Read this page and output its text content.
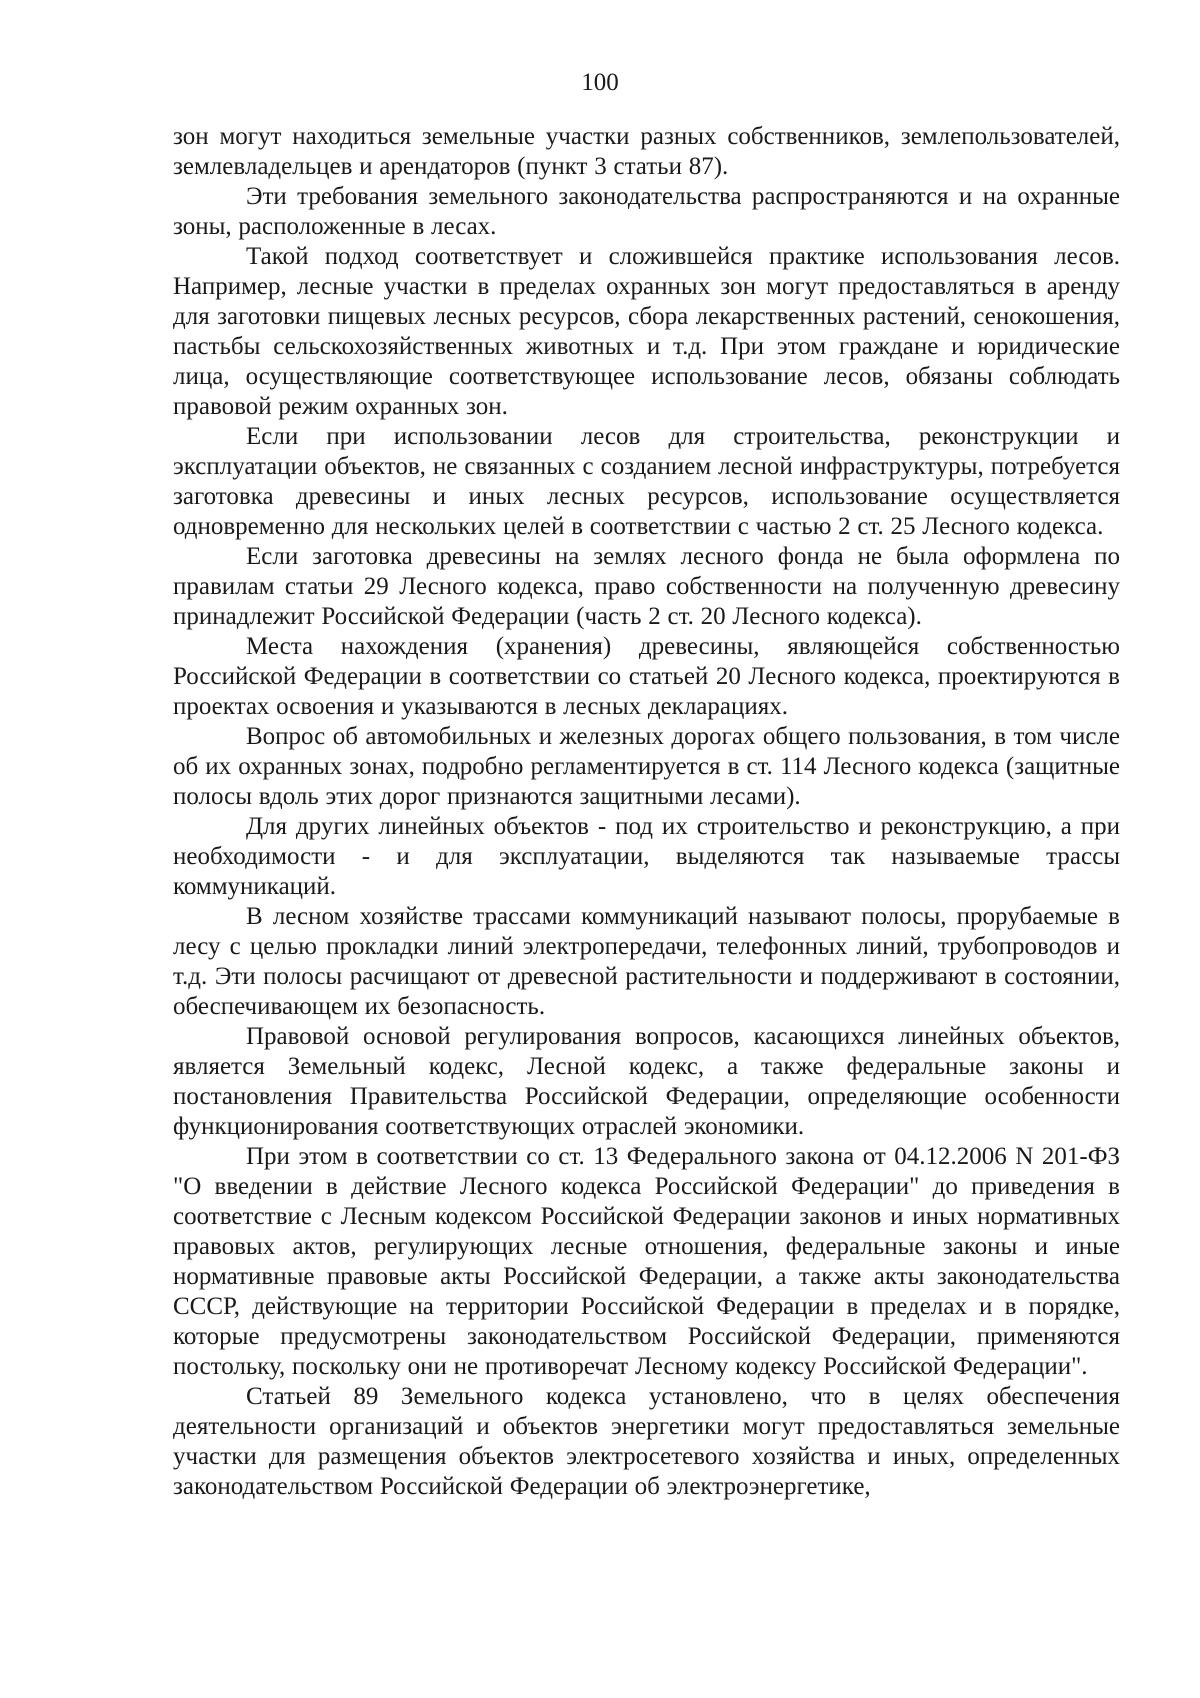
100

зон могут находиться земельные участки разных собственников, землепользователей, землевладельцев и арендаторов (пункт 3 статьи 87).

Эти требования земельного законодательства распространяются и на охранные зоны, расположенные в лесах.

Такой подход соответствует и сложившейся практике использования лесов. Например, лесные участки в пределах охранных зон могут предоставляться в аренду для заготовки пищевых лесных ресурсов, сбора лекарственных растений, сенокошения, пастьбы сельскохозяйственных животных и т.д. При этом граждане и юридические лица, осуществляющие соответствующее использование лесов, обязаны соблюдать правовой режим охранных зон.

Если при использовании лесов для строительства, реконструкции и эксплуатации объектов, не связанных с созданием лесной инфраструктуры, потребуется заготовка древесины и иных лесных ресурсов, использование осуществляется одновременно для нескольких целей в соответствии с частью 2 ст. 25 Лесного кодекса.

Если заготовка древесины на землях лесного фонда не была оформлена по правилам статьи 29 Лесного кодекса, право собственности на полученную древесину принадлежит Российской Федерации (часть 2 ст. 20 Лесного кодекса).

Места нахождения (хранения) древесины, являющейся собственностью Российской Федерации в соответствии со статьей 20 Лесного кодекса, проектируются в проектах освоения и указываются в лесных декларациях.

Вопрос об автомобильных и железных дорогах общего пользования, в том числе об их охранных зонах, подробно регламентируется в ст. 114 Лесного кодекса (защитные полосы вдоль этих дорог признаются защитными лесами).

Для других линейных объектов - под их строительство и реконструкцию, а при необходимости - и для эксплуатации, выделяются так называемые трассы коммуникаций.

В лесном хозяйстве трассами коммуникаций называют полосы, прорубаемые в лесу с целью прокладки линий электропередачи, телефонных линий, трубопроводов и т.д. Эти полосы расчищают от древесной растительности и поддерживают в состоянии, обеспечивающем их безопасность.

Правовой основой регулирования вопросов, касающихся линейных объектов, является Земельный кодекс, Лесной кодекс, а также федеральные законы и постановления Правительства Российской Федерации, определяющие особенности функционирования соответствующих отраслей экономики.

При этом в соответствии со ст. 13 Федерального закона от 04.12.2006 N 201-ФЗ "О введении в действие Лесного кодекса Российской Федерации" до приведения в соответствие с Лесным кодексом Российской Федерации законов и иных нормативных правовых актов, регулирующих лесные отношения, федеральные законы и иные нормативные правовые акты Российской Федерации, а также акты законодательства СССР, действующие на территории Российской Федерации в пределах и в порядке, которые предусмотрены законодательством Российской Федерации, применяются постольку, поскольку они не противоречат Лесному кодексу Российской Федерации".

Статьей 89 Земельного кодекса установлено, что в целях обеспечения деятельности организаций и объектов энергетики могут предоставляться земельные участки для размещения объектов электросетевого хозяйства и иных, определенных законодательством Российской Федерации об электроэнергетике,
